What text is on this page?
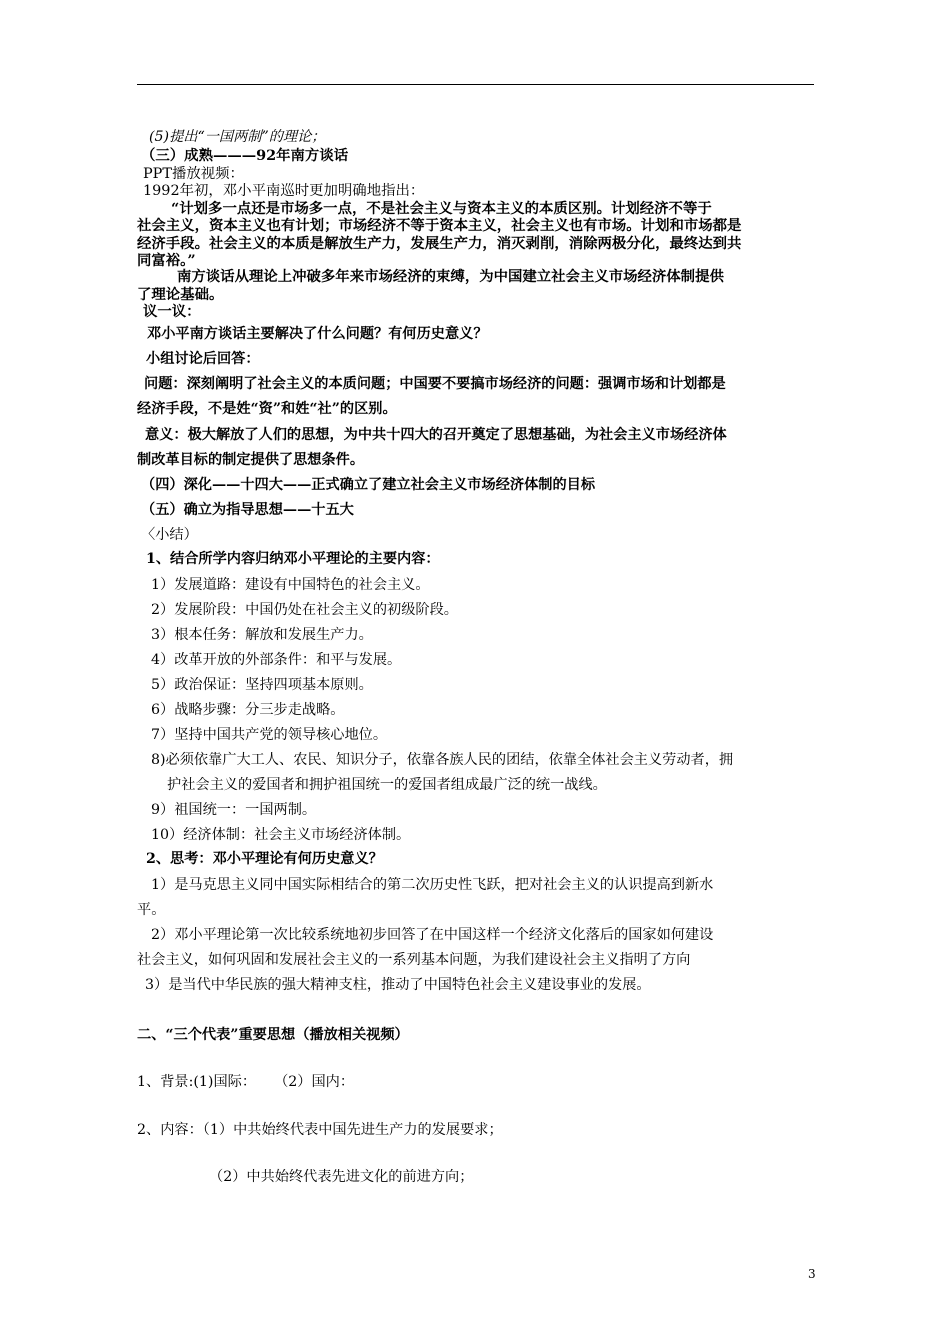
(5)提出“一国两制”的理论；
（三）成熟———92年南方谈话
PPT播放视频：
1992年初，邓小平南巡时更加明确地指出：
“计划多一点还是市场多一点，不是社会主义与资本主义的本质区别。计划经济不等于
社会主义，资本主义也有计划；市场经济不等于资本主义，社会主义也有市场。计划和市场都是
经济手段。社会主义的本质是解放生产力，发展生产力，消灭剥削，消除两极分化，最终达到共
同富裕。”
南方谈话从理论上冲破多年来市场经济的束缚，为中国建立社会主义市场经济体制提供
了理论基础。
议一议：
邓小平南方谈话主要解决了什么问题？有何历史意义？
小组讨论后回答：
问题：深刻阐明了社会主义的本质问题；中国要不要搞市场经济的问题：强调市场和计划都是
经济手段，不是姓“资”和姓“社”的区别。
意义：极大解放了人们的思想，为中共十四大的召开奠定了思想基础，为社会主义市场经济体
制改革目标的制定提供了思想条件。
（四）深化——十四大——正式确立了建立社会主义市场经济体制的目标
（五）确立为指导思想——十五大
〈小结）
1、结合所学内容归纳邓小平理论的主要内容：
1）发展道路：建设有中国特色的社会主义。
2）发展阶段：中国仍处在社会主义的初级阶段。
3）根本任务：解放和发展生产力。
4）改革开放的外部条件：和平与发展。
5）政治保证：坚持四项基本原则。
6）战略步骤：分三步走战略。
7）坚持中国共产党的领导核心地位。
8)必须依靠广大工人、农民、知识分子，依靠各族人民的团结，依靠全体社会主义劳动者，拥
护社会主义的爱国者和拥护祖国统一的爱国者组成最广泛的统一战线。
9）祖国统一：一国两制。
10）经济体制：社会主义市场经济体制。
2、思考：邓小平理论有何历史意义？
1）是马克思主义同中国实际相结合的第二次历史性飞跃，把对社会主义的认识提高到新水
平。
2）邓小平理论第一次比较系统地初步回答了在中国这样一个经济文化落后的国家如何建设
社会主义，如何巩固和发展社会主义的一系列基本问题，为我们建设社会主义指明了方向
3）是当代中华民族的强大精神支柱，推动了中国特色社会主义建设事业的发展。
二、“三个代表”重要思想（播放相关视频）
1、背景:(1)国际：    （2）国内：
2、内容：（1）中共始终代表中国先进生产力的发展要求；
（2）中共始终代表先进文化的前进方向；
3
